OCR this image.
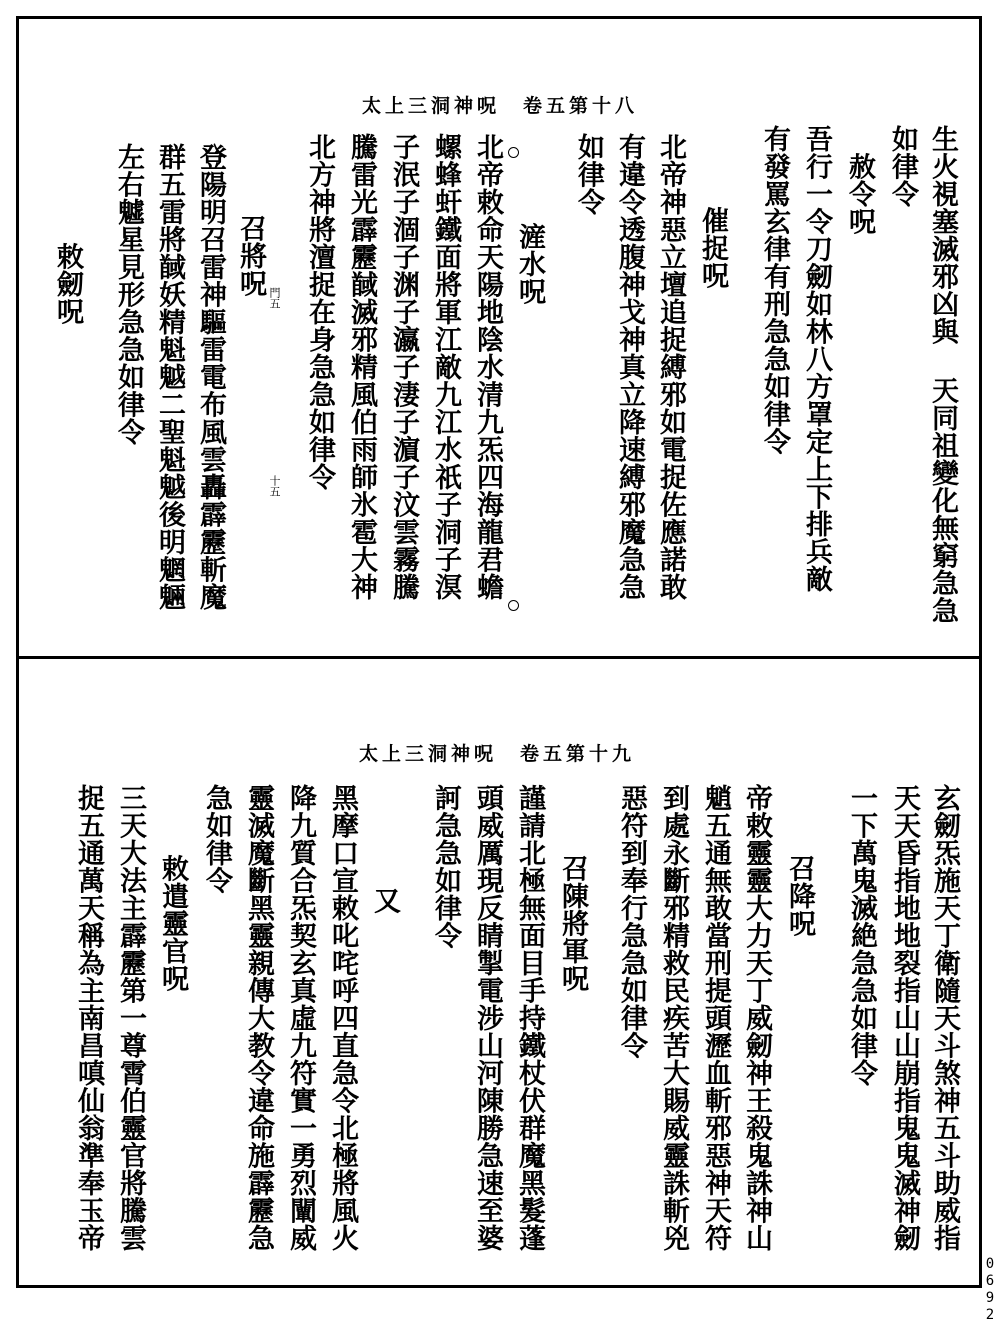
太上三洞神呪　卷五第十八
生火視塞滅邪凶與 天同祖變化無窮急急
如律令
　赦令呪
吾行一令刀劒如林八方罩定上下排兵敵
有發罵玄律有刑急急如律令
　催捉呪
北帝神惡立壇追捉縛邪如電捉佐應諾敢
有違令透腹神戈神真立降速縛邪魔急急
如律令
　滻水呪
北帝敕命天陽地陰水清九炁四海龍君蟾
螺蜂虷鐵面將軍江敵九江水祇子洞子溟
子泯子涸子渊子瀛子淒子濵子汶雲霧騰
騰雷光霹靂馘滅邪精風伯雨師氷雹大神
北方神將澶捉在身急急如律令
　召將呪
登陽明召雷神驅雷電布風雲轟霹靂斬魔
群五雷將馘妖精魁魆二聖魁魆後明魍魎
左右魖星見形急急如律令
　敕劒呪
十五
門五
太上三洞神呪　卷五第十九
玄劒炁施天丁衛隨天斗煞神五斗助威指
天天昏指地地裂指山山崩指鬼鬼滅神劒
一下萬鬼滅絶急急如律令
　召降呪
帝敕靈靈大力天丁威劒神王殺鬼誅神山
魈五通無敢當刑提頭瀝血斬邪惡神天符
到處永斷邪精救民疾苦大賜威靈誅斬兇
惡符到奉行急急如律令
　召陳將軍呪
謹請北極無面目手持鐵杖伏群魔黑髮蓬
頭威厲現反睛掣電涉山河陳勝急速至婆
訶急急如律令
　又
黑摩口宣敕叱咤呼四直急令北極將風火
降九質合炁契玄真虛九符實一勇烈闡威
靈滅魔斷黑靈親傳大教令違命施霹靂急
急如律令
　敕遣靈官呪
三天大法主霹靂第一尊霄伯靈官將騰雲
捉五通萬天稱為主南昌嗔仙翁準奉玉帝
0692
